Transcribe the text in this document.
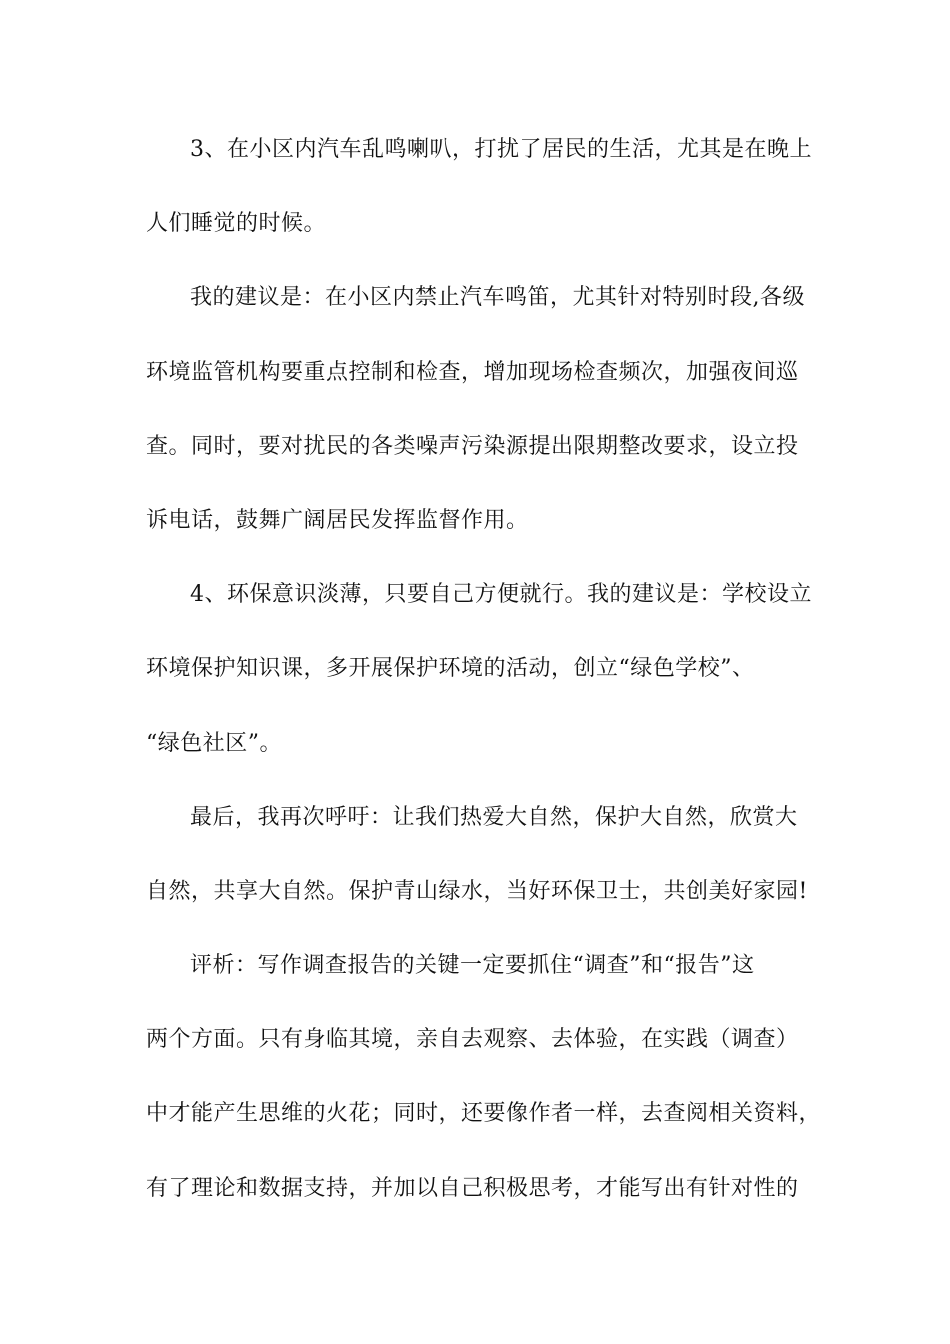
3、在小区内汽车乱鸣喇叭，打扰了居民的生活，尤其是在晚上
人们睡觉的时候。
我的建议是：在小区内禁止汽车鸣笛，尤其针对特别时段,各级
环境监管机构要重点控制和检查，增加现场检查频次，加强夜间巡
查。同时，要对扰民的各类噪声污染源提出限期整改要求，设立投
诉电话，鼓舞广阔居民发挥监督作用。
4、环保意识淡薄，只要自己方便就行。我的建议是：学校设立
环境保护知识课，多开展保护环境的活动，创立“绿色学校”、
“绿色社区”。
最后，我再次呼吁：让我们热爱大自然，保护大自然，欣赏大
自然，共享大自然。保护青山绿水，当好环保卫士，共创美好家园!
评析：写作调查报告的关键一定要抓住“调查”和“报告”这
两个方面。只有身临其境，亲自去观察、去体验，在实践（调查）
中才能产生思维的火花；同时，还要像作者一样，去查阅相关资料，
有了理论和数据支持，并加以自己积极思考，才能写出有针对性的
